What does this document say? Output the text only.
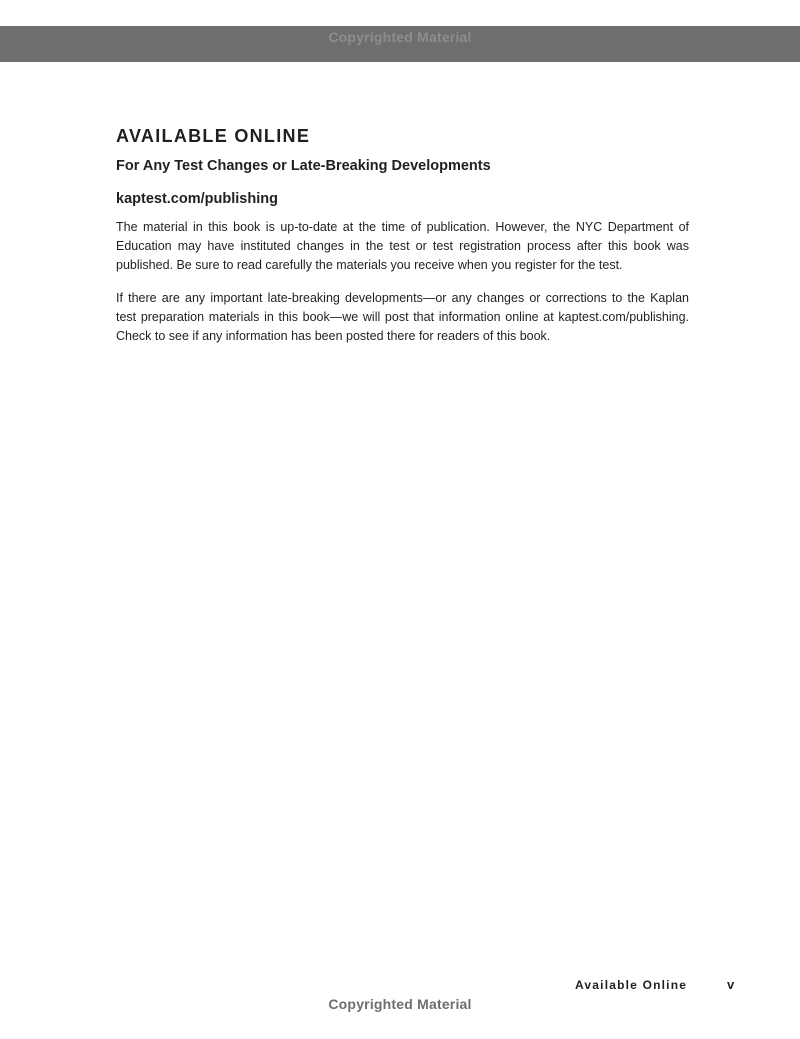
Copyrighted Material
AVAILABLE ONLINE
For Any Test Changes or Late-Breaking Developments
kaptest.com/publishing

The material in this book is up-to-date at the time of publication. However, the NYC Department of Education may have instituted changes in the test or test registration process after this book was published. Be sure to read carefully the materials you receive when you register for the test.

If there are any important late-breaking developments—or any changes or corrections to the Kaplan test preparation materials in this book—we will post that information online at kaptest.com/publishing. Check to see if any information has been posted there for readers of this book.

Available Online	v
Copyrighted Material
